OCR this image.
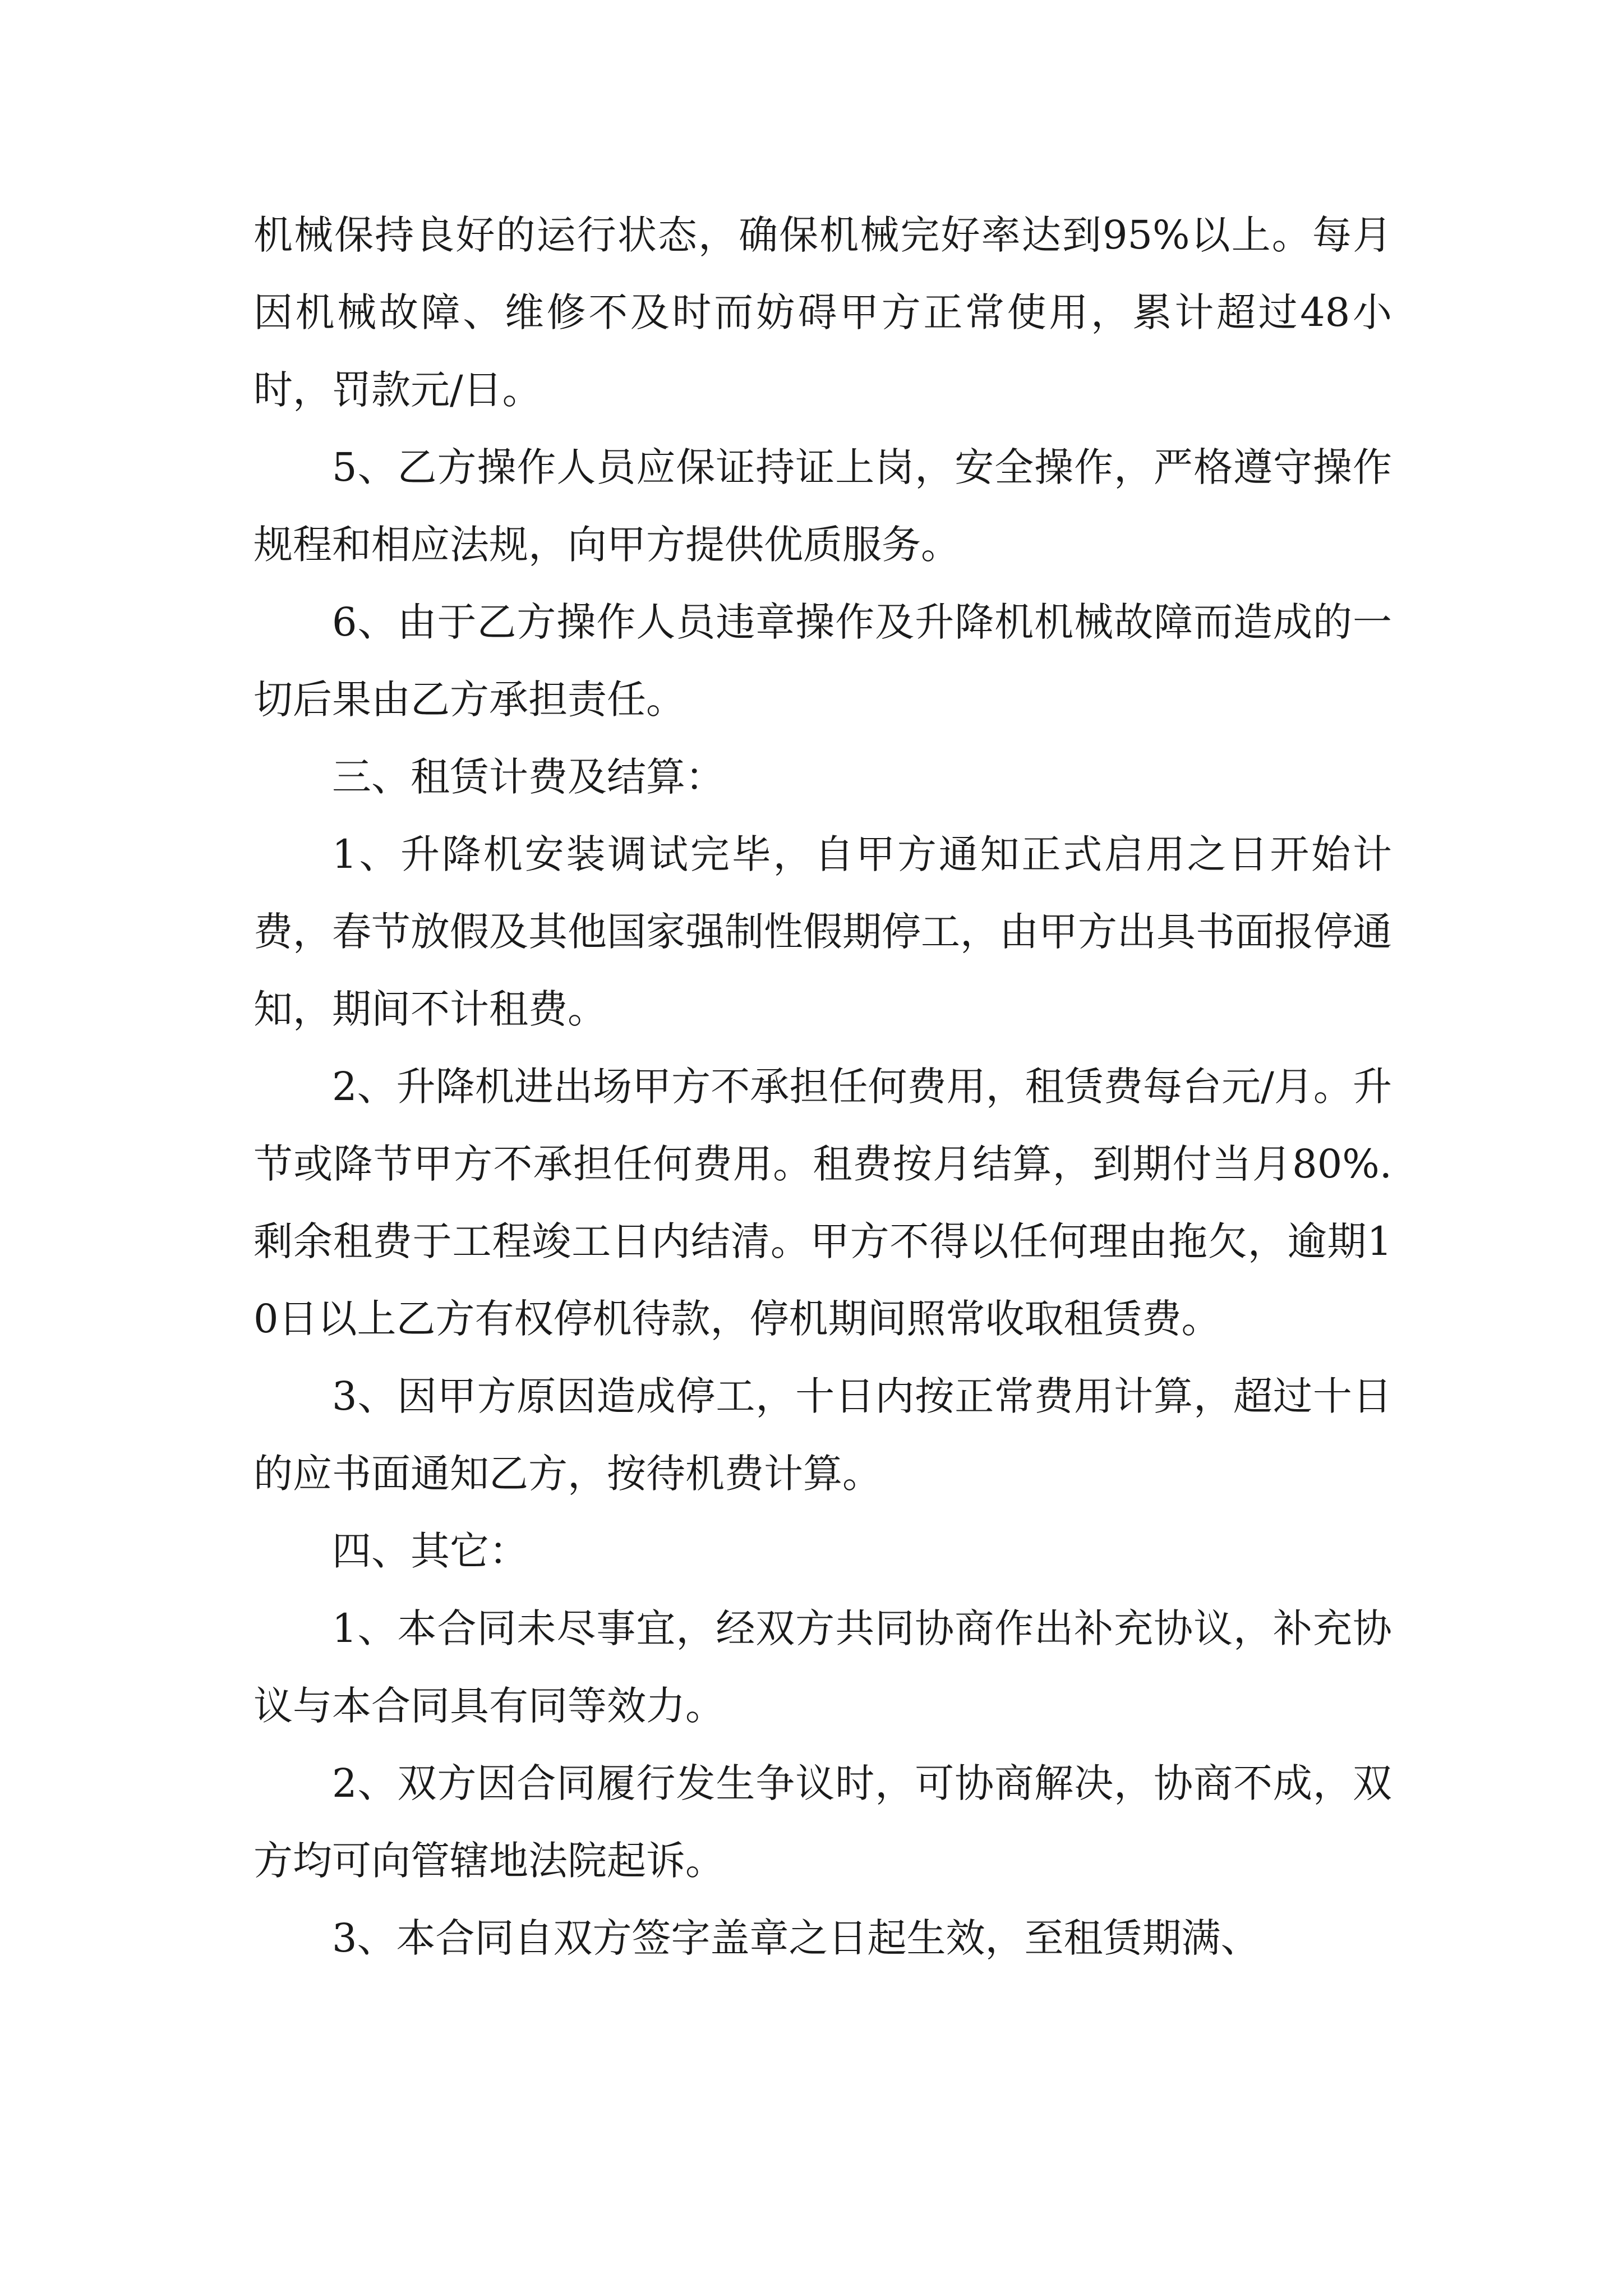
机械保持良好的运行状态，确保机械完好率达到95%以上。每月因机械故障、维修不及时而妨碍甲方正常使用，累计超过48小时，罚款元/日。

5、乙方操作人员应保证持证上岗，安全操作，严格遵守操作规程和相应法规，向甲方提供优质服务。

6、由于乙方操作人员违章操作及升降机机械故障而造成的一切后果由乙方承担责任。

三、租赁计费及结算：

1、升降机安装调试完毕，自甲方通知正式启用之日开始计费，春节放假及其他国家强制性假期停工，由甲方出具书面报停通知，期间不计租费。

2、升降机进出场甲方不承担任何费用，租赁费每台元/月。升节或降节甲方不承担任何费用。租费按月结算，到期付当月80%.剩余租费于工程竣工日内结清。甲方不得以任何理由拖欠，逾期10日以上乙方有权停机待款，停机期间照常收取租赁费。

3、因甲方原因造成停工，十日内按正常费用计算，超过十日的应书面通知乙方，按待机费计算。

四、其它：

1、本合同未尽事宜，经双方共同协商作出补充协议，补充协议与本合同具有同等效力。

2、双方因合同履行发生争议时，可协商解决，协商不成，双方均可向管辖地法院起诉。

3、本合同自双方签字盖章之日起生效，至租赁期满、
